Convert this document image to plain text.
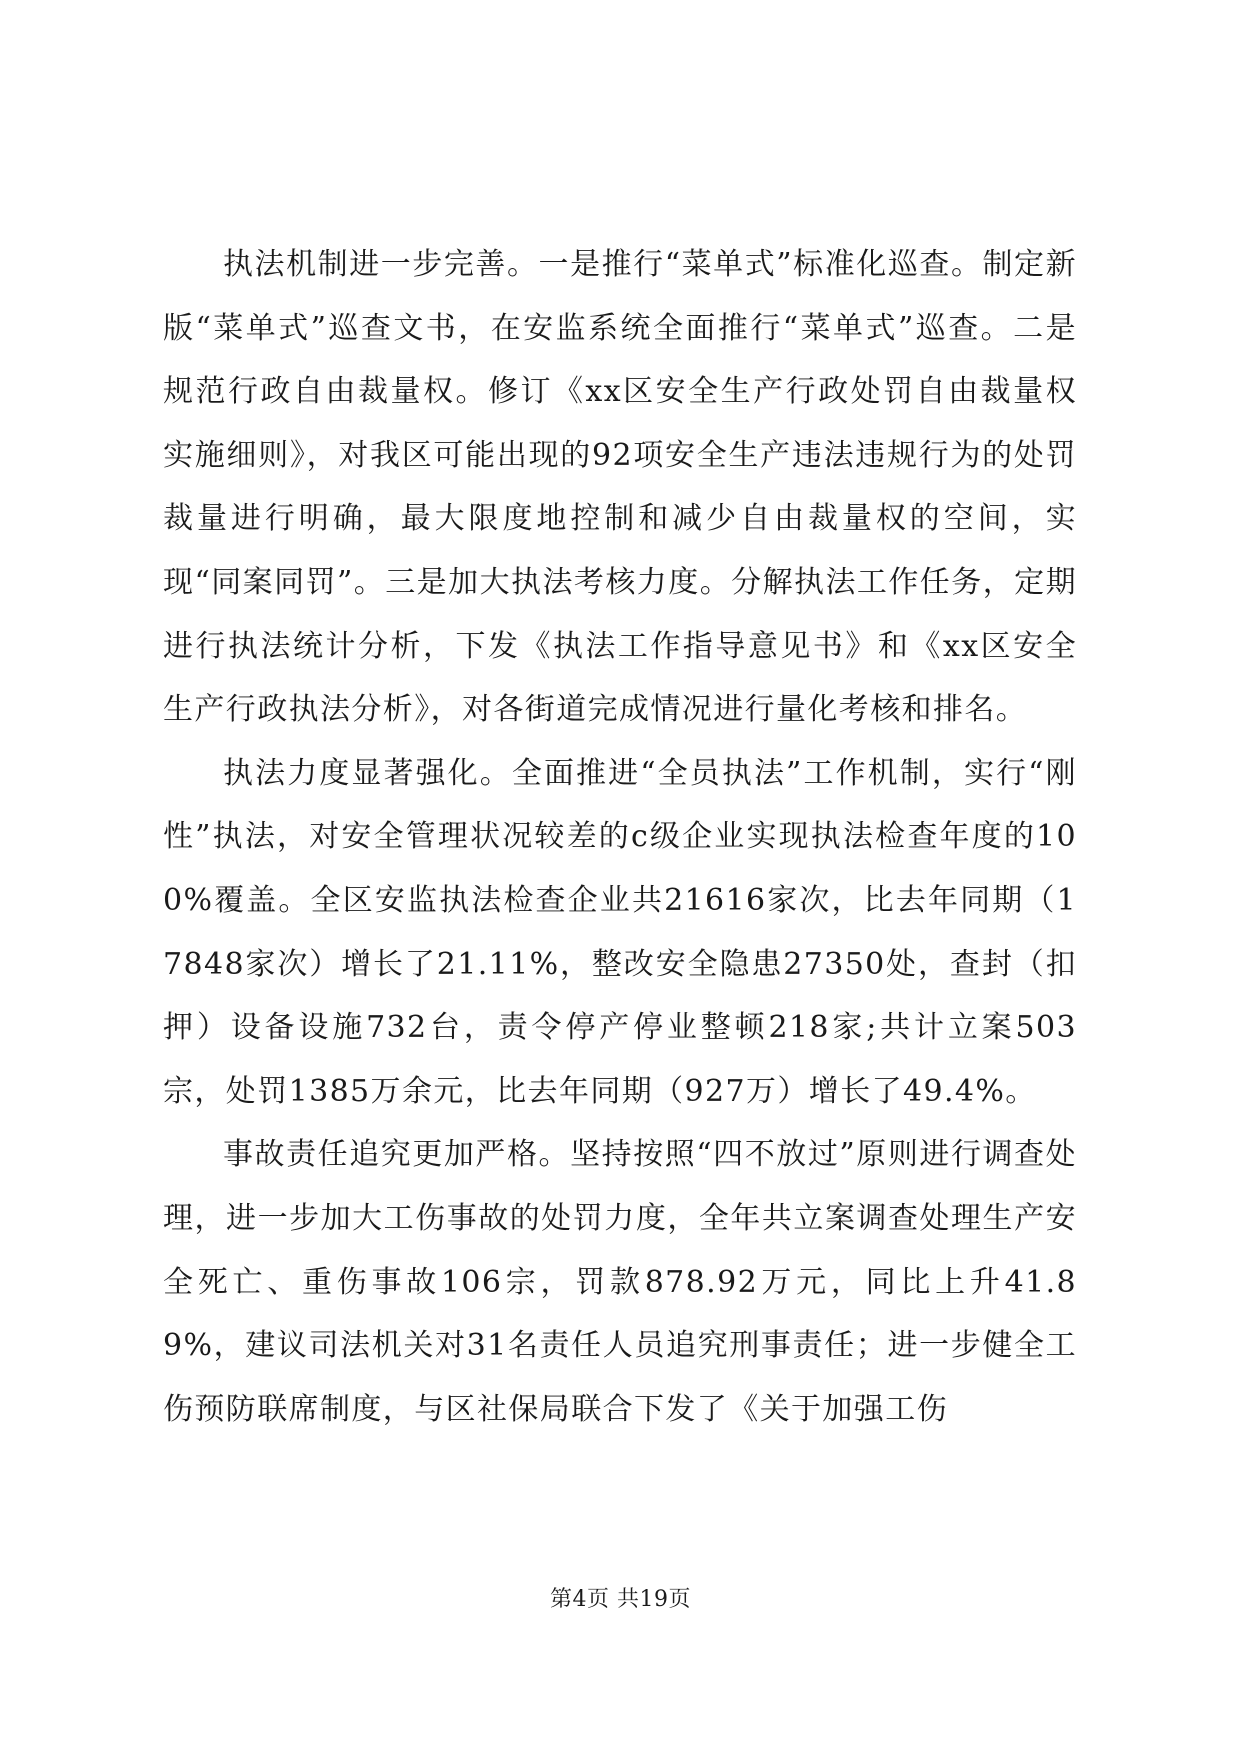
执法机制进一步完善。一是推行“菜单式”标准化巡查。制定新版“菜单式”巡查文书，在安监系统全面推行“菜单式”巡查。二是规范行政自由裁量权。修订《xx区安全生产行政处罚自由裁量权实施细则》，对我区可能出现的92项安全生产违法违规行为的处罚裁量进行明确，最大限度地控制和减少自由裁量权的空间，实现“同案同罚”。三是加大执法考核力度。分解执法工作任务，定期进行执法统计分析，下发《执法工作指导意见书》和《xx区安全生产行政执法分析》，对各街道完成情况进行量化考核和排名。

执法力度显著强化。全面推进“全员执法”工作机制，实行“刚性”执法，对安全管理状况较差的c级企业实现执法检查年度的100%覆盖。全区安监执法检查企业共21616家次，比去年同期（17848家次）增长了21.11%，整改安全隐患27350处，查封（扣押）设备设施732台，责令停产停业整顿218家;共计立案503宗，处罚1385万余元，比去年同期（927万）增长了49.4%。

事故责任追究更加严格。坚持按照“四不放过”原则进行调查处理，进一步加大工伤事故的处罚力度，全年共立案调查处理生产安全死亡、重伤事故106宗，罚款878.92万元，同比上升41.89%，建议司法机关对31名责任人员追究刑事责任；进一步健全工伤预防联席制度，与区社保局联合下发了《关于加强工伤

第4页 共19页
